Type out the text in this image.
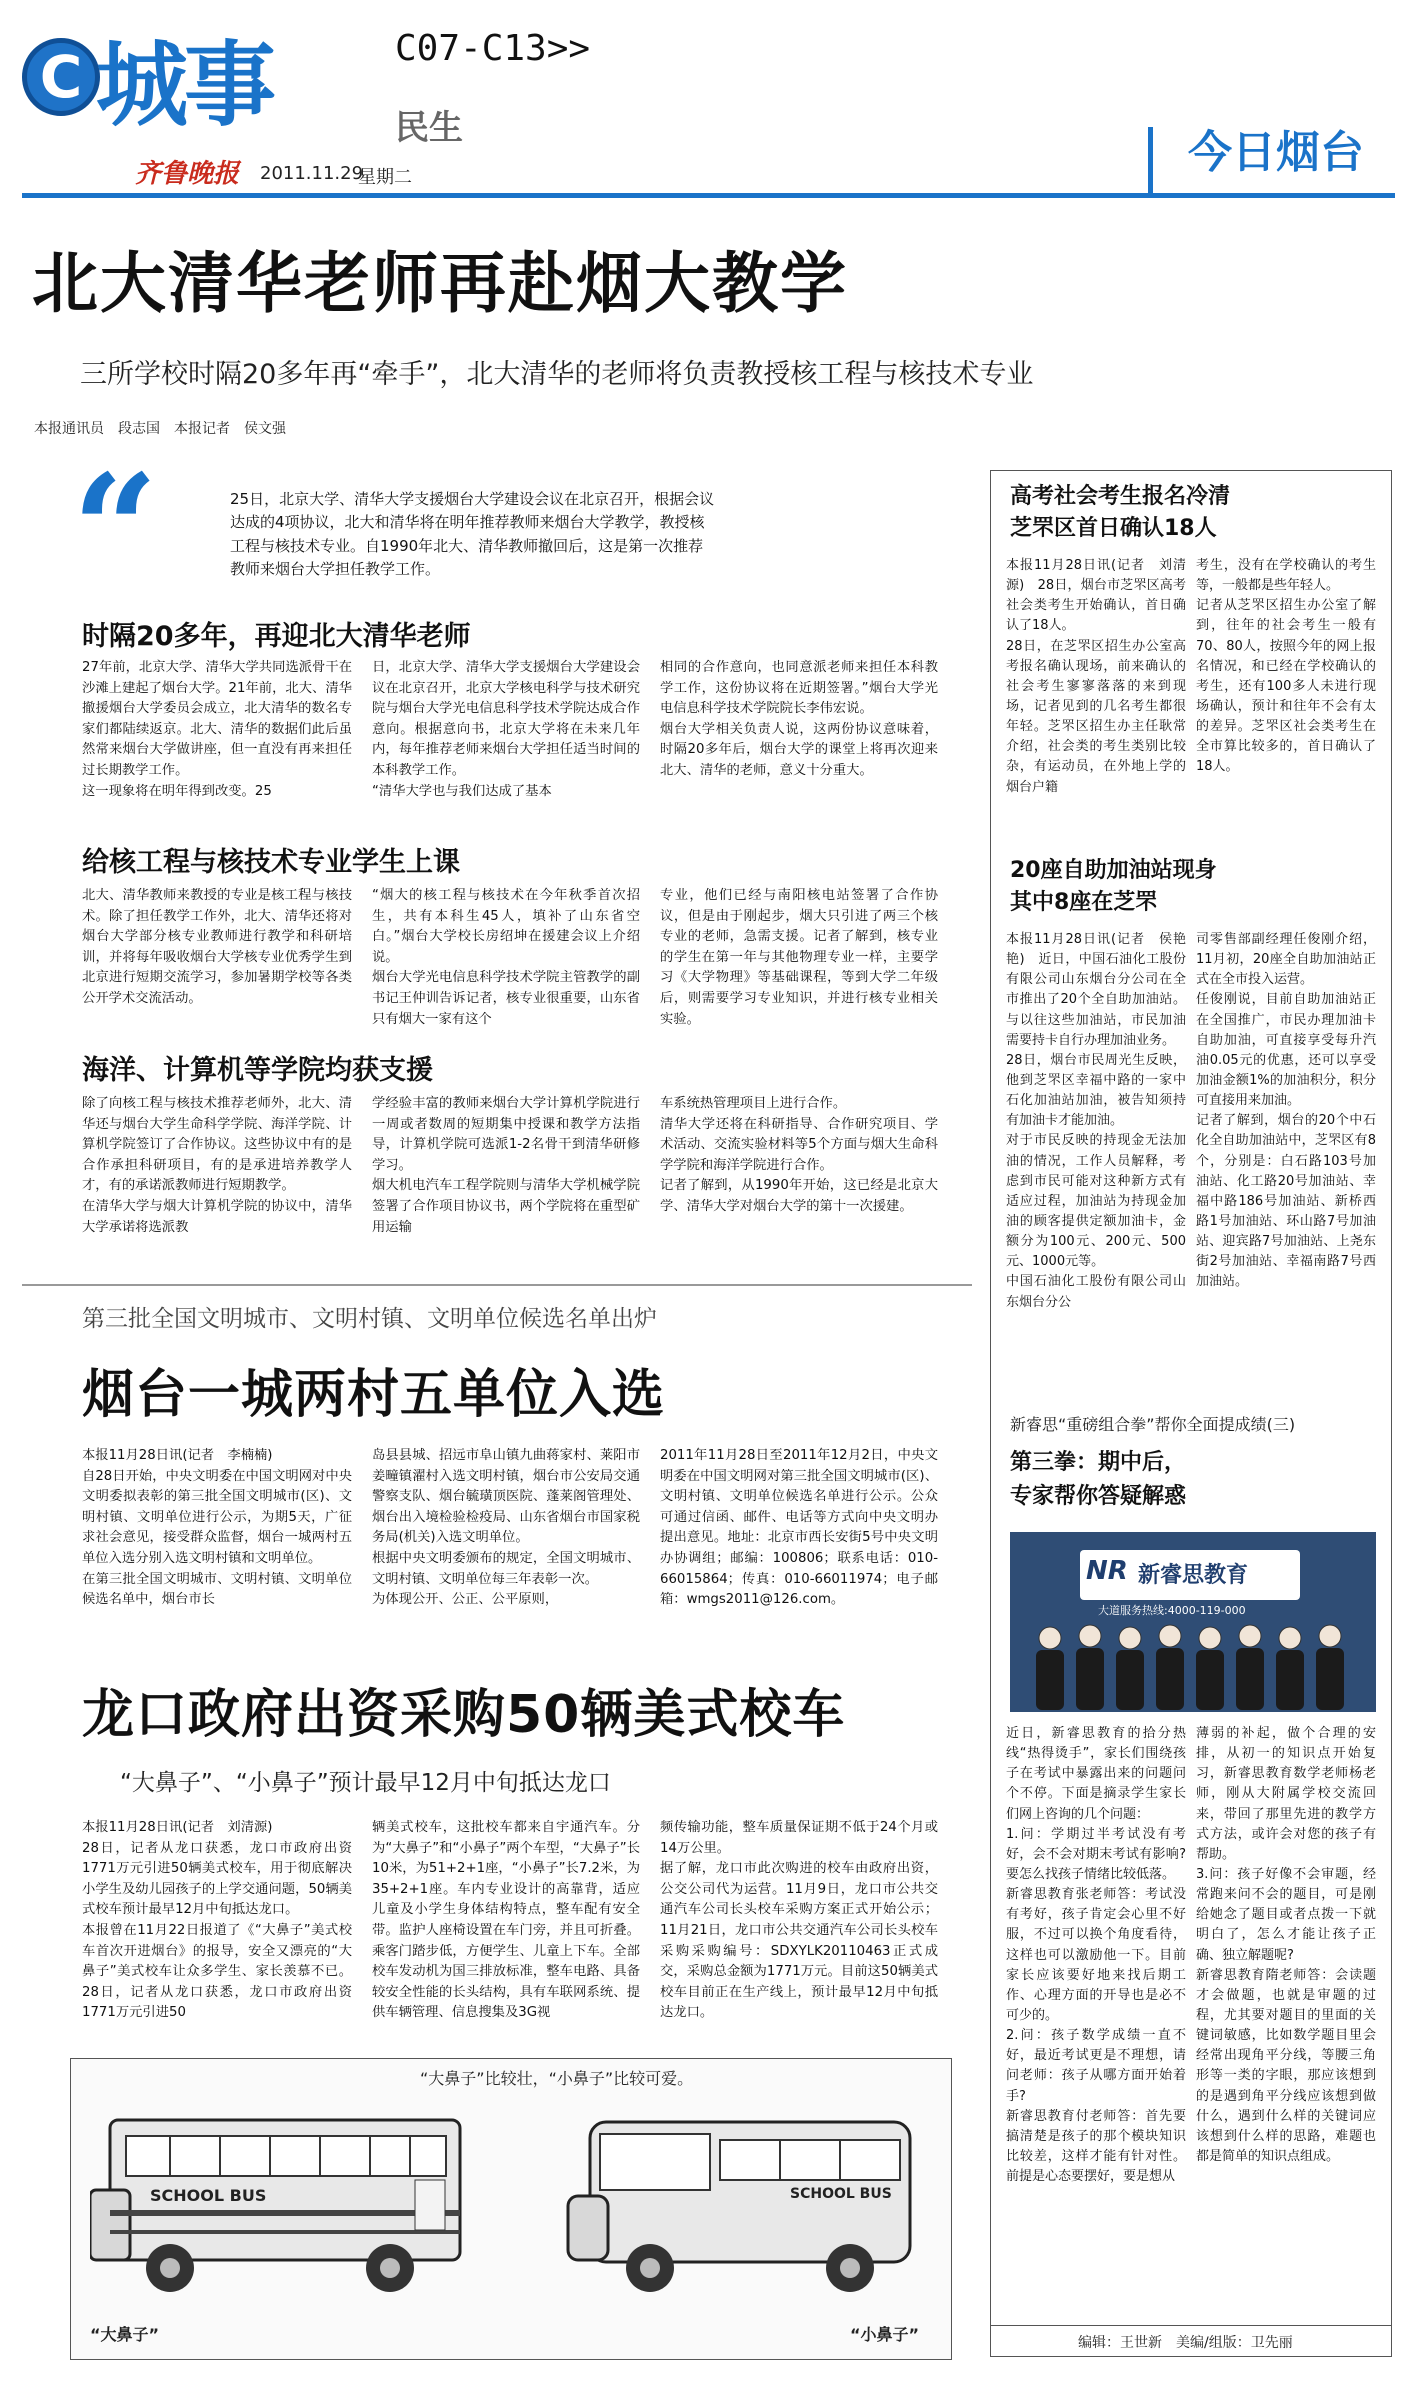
C 城事	C07-C13>>
民生
齐鲁晚报 2011.11.29
星期二	今日烟台
北大清华老师再赴烟大教学
三所学校时隔20多年再“牵手”，北大清华的老师将负责教授核工程与核技术专业
本报通讯员　段志国　本报记者　侯文强
“	25日，北京大学、清华大学支援烟台大学建设会议在北京召开，根据会议达成的4项协议，北大和清华将在明年推荐教师来烟台大学教学，教授核工程与核技术专业。自1990年北大、清华教师撤回后，这是第一次推荐教师来烟台大学担任教学工作。
时隔20多年，再迎北大清华老师
27年前，北京大学、清华大学共同选派骨干在沙滩上建起了烟台大学。21年前，北大、清华撤援烟台大学委员会成立，北大清华的数名专家们都陆续返京。北大、清华的数据们此后虽然常来烟台大学做讲座，但一直没有再来担任过长期教学工作。
这一现象将在明年得到改变。25
日，北京大学、清华大学支援烟台大学建设会议在北京召开，北京大学核电科学与技术研究院与烟台大学光电信息科学技术学院达成合作意向。根据意向书，北京大学将在未来几年内，每年推荐老师来烟台大学担任适当时间的本科教学工作。
“清华大学也与我们达成了基本
相同的合作意向，也同意派老师来担任本科教学工作，这份协议将在近期签署。”烟台大学光电信息科学技术学院院长李伟宏说。
烟台大学相关负责人说，这两份协议意味着，时隔20多年后，烟台大学的课堂上将再次迎来北大、清华的老师，意义十分重大。
给核工程与核技术专业学生上课
北大、清华教师来教授的专业是核工程与核技术。除了担任教学工作外，北大、清华还将对烟台大学部分核专业教师进行教学和科研培训，并将每年吸收烟台大学核专业优秀学生到北京进行短期交流学习，参加暑期学校等各类公开学术交流活动。
“烟大的核工程与核技术在今年秋季首次招生，共有本科生45人，填补了山东省空白。”烟台大学校长房绍坤在援建会议上介绍说。
烟台大学光电信息科学技术学院主管教学的副书记王仲训告诉记者，核专业很重要，山东省只有烟大一家有这个
专业，他们已经与南阳核电站签署了合作协议，但是由于刚起步，烟大只引进了两三个核专业的老师，急需支援。记者了解到，核专业的学生在第一年与其他物理专业一样，主要学习《大学物理》等基础课程，等到大学二年级后，则需要学习专业知识，并进行核专业相关实验。
海洋、计算机等学院均获支援
除了向核工程与核技术推荐老师外，北大、清华还与烟台大学生命科学学院、海洋学院、计算机学院签订了合作协议。这些协议中有的是合作承担科研项目，有的是承进培养教学人才，有的承诺派教师进行短期教学。
在清华大学与烟大计算机学院的协议中，清华大学承诺将选派教
学经验丰富的教师来烟台大学计算机学院进行一周或者数周的短期集中授课和教学方法指导，计算机学院可选派1-2名骨干到清华研修学习。
烟大机电汽车工程学院则与清华大学机械学院签署了合作项目协议书，两个学院将在重型矿用运输
车系统热管理项目上进行合作。
清华大学还将在科研指导、合作研究项目、学术活动、交流实验材料等5个方面与烟大生命科学学院和海洋学院进行合作。
记者了解到，从1990年开始，这已经是北京大学、清华大学对烟台大学的第十一次援建。
第三批全国文明城市、文明村镇、文明单位候选名单出炉
烟台一城两村五单位入选
本报11月28日讯(记者　李楠楠)
自28日开始，中央文明委在中国文明网对中央文明委拟表彰的第三批全国文明城市(区)、文明村镇、文明单位进行公示，为期5天，广征求社会意见，接受群众监督，烟台一城两村五单位入选分别入选文明村镇和文明单位。
在第三批全国文明城市、文明村镇、文明单位候选名单中，烟台市长
岛县县城、招远市阜山镇九曲蒋家村、莱阳市姜疃镇濯村入选文明村镇，烟台市公安局交通警察支队、烟台毓璜顶医院、蓬莱阁管理处、烟台出入境检验检疫局、山东省烟台市国家税务局(机关)入选文明单位。
根据中央文明委颁布的规定，全国文明城市、文明村镇、文明单位每三年表彰一次。
为体现公开、公正、公平原则，
2011年11月28日至2011年12月2日，中央文明委在中国文明网对第三批全国文明城市(区)、文明村镇、文明单位候选名单进行公示。公众可通过信函、邮件、电话等方式向中央文明办提出意见。地址：北京市西长安街5号中央文明办协调组；邮编：100806；联系电话：010-66015864；传真：010-66011974；电子邮箱：wmgs2011@126.com。
龙口政府出资采购50辆美式校车
“大鼻子”、“小鼻子”预计最早12月中旬抵达龙口
本报11月28日讯(记者　刘清源)
28日，记者从龙口获悉，龙口市政府出资1771万元引进50辆美式校车，用于彻底解决小学生及幼儿园孩子的上学交通问题，50辆美式校车预计最早12月中旬抵达龙口。
本报曾在11月22日报道了《“大鼻子”美式校车首次开进烟台》的报导，安全又漂亮的“大鼻子”美式校车让众多学生、家长羡慕不已。28日，记者从龙口获悉，龙口市政府出资1771万元引进50
辆美式校车，这批校车都来自宇通汽车。分为“大鼻子”和“小鼻子”两个车型，“大鼻子”长10米，为51+2+1座，“小鼻子”长7.2米，为35+2+1座。车内专业设计的高靠背，适应儿童及小学生身体结构特点，整车配有安全带。监护人座椅设置在车门旁，并且可折叠。乘客门踏步低，方便学生、儿童上下车。全部校车发动机为国三排放标准，整车电路、具备较安全性能的长头结构，具有车联网系统、提供车辆管理、信息搜集及3G视
频传输功能，整车质量保证期不低于24个月或14万公里。
据了解，龙口市此次购进的校车由政府出资，公交公司代为运营。11月9日，龙口市公共交通汽车公司长头校车采购方案正式开始公示；11月21日，龙口市公共交通汽车公司长头校车采购采购编号：SDXYLK20110463正式成交，采购总金额为1771万元。目前这50辆美式校车目前正在生产线上，预计最早12月中旬抵达龙口。
“大鼻子”比较壮，“小鼻子”比较可爱。
SCHOOL BUS	SCHOOL BUS
“大鼻子”	“小鼻子”
高考社会考生报名冷清
芝罘区首日确认18人
本报11月28日讯(记者　刘清源)　28日，烟台市芝罘区高考社会类考生开始确认，首日确认了18人。
28日，在芝罘区招生办公室高考报名确认现场，前来确认的社会考生寥寥落落的来到现场，记者见到的几名考生都很年轻。芝罘区招生办主任耿常介绍，社会类的考生类别比较杂，有运动员，在外地上学的烟台户籍
考生，没有在学校确认的考生等，一般都是些年轻人。
记者从芝罘区招生办公室了解到，往年的社会考生一般有70、80人，按照今年的网上报名情况，和已经在学校确认的考生，还有100多人未进行现场确认，预计和往年不会有太的差异。芝罘区社会类考生在全市算比较多的，首日确认了18人。
20座自助加油站现身
其中8座在芝罘
本报11月28日讯(记者　侯艳艳)　近日，中国石油化工股份有限公司山东烟台分公司在全市推出了20个全自助加油站。与以往这些加油站，市民加油需要持卡自行办理加油业务。
28日，烟台市民周光生反映，他到芝罘区幸福中路的一家中石化加油站加油，被告知须持有加油卡才能加油。
对于市民反映的持现金无法加油的情况，工作人员解释，考虑到市民可能对这种新方式有适应过程，加油站为持现金加油的顾客提供定额加油卡，金额分为100元、200元、500元、1000元等。
中国石油化工股份有限公司山东烟台分公
司零售部副经理任俊刚介绍，11月初，20座全自助加油站正式在全市投入运营。
任俊刚说，目前自助加油站正在全国推广，市民办理加油卡自助加油，可直接享受每升汽油0.05元的优惠，还可以享受加油金额1%的加油积分，积分可直接用来加油。
记者了解到，烟台的20个中石化全自助加油站中，芝罘区有8个，分别是：白石路103号加油站、化工路20号加油站、幸福中路186号加油站、新桥西路1号加油站、环山路7号加油站、迎宾路7号加油站、上尧东街2号加油站、幸福南路7号西加油站。
新睿思“重磅组合拳”帮你全面提成绩(三)
第三拳：期中后，
专家帮你答疑解惑
NR 新睿思教育
大道服务热线:4000-119-000
近日，新睿思教育的拾分热线“热得烫手”，家长们围绕孩子在考试中暴露出来的问题问个不停。下面是摘录学生家长们网上咨询的几个问题：
1.问：学期过半考试没有考好，会不会对期末考试有影响?要怎么找孩子情绪比较低落。
新睿思教育张老师答：考试没有考好，孩子肯定会心里不好服，不过可以换个角度看待，这样也可以激励他一下。目前家长应该要好地来找后期工作、心理方面的开导也是必不可少的。
2.问：孩子数学成绩一直不好，最近考试更是不理想，请问老师：孩子从哪方面开始着手?
新睿思教育付老师答：首先要搞清楚是孩子的那个模块知识比较差，这样才能有针对性。前提是心态要摆好，要是想从
薄弱的补起，做个合理的安排，从初一的知识点开始复习，新睿思教育数学老师杨老师，刚从大附属学校交流回来，带回了那里先进的教学方式方法，或许会对您的孩子有帮助。
3.问：孩子好像不会审题，经常跑来问不会的题目，可是刚给她念了题目或者点拨一下就明白了，怎么才能让孩子正确、独立解题呢?
新睿思教育隋老师答：会读题才会做题，也就是审题的过程，尤其要对题目的里面的关键词敏感，比如数学题目里会经常出现角平分线，等腰三角形等一类的字眼，那应该想到的是遇到角平分线应该想到做什么，遇到什么样的关键词应该想到什么样的思路，难题也都是简单的知识点组成。
编辑：王世新　美编/组版：卫先丽
